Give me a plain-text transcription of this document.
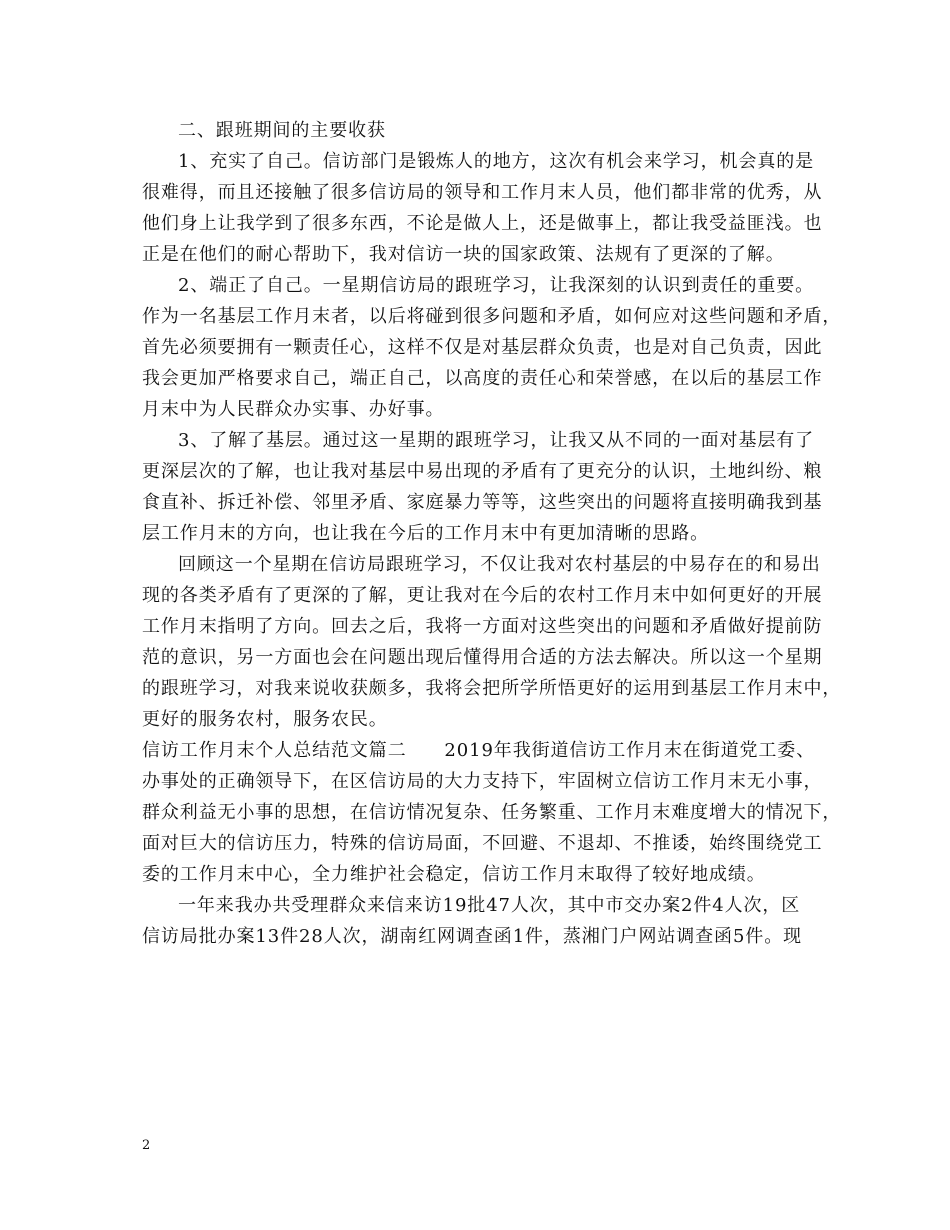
二、跟班期间的主要收获
1、充实了自己。信访部门是锻炼人的地方，这次有机会来学习，机会真的是
很难得，而且还接触了很多信访局的领导和工作月末人员，他们都非常的优秀，从
他们身上让我学到了很多东西，不论是做人上，还是做事上，都让我受益匪浅。也
正是在他们的耐心帮助下，我对信访一块的国家政策、法规有了更深的了解。
2、端正了自己。一星期信访局的跟班学习，让我深刻的认识到责任的重要。
作为一名基层工作月末者，以后将碰到很多问题和矛盾，如何应对这些问题和矛盾，
首先必须要拥有一颗责任心，这样不仅是对基层群众负责，也是对自己负责，因此
我会更加严格要求自己，端正自己，以高度的责任心和荣誉感，在以后的基层工作
月末中为人民群众办实事、办好事。
3、了解了基层。通过这一星期的跟班学习，让我又从不同的一面对基层有了
更深层次的了解，也让我对基层中易出现的矛盾有了更充分的认识，土地纠纷、粮
食直补、拆迁补偿、邻里矛盾、家庭暴力等等，这些突出的问题将直接明确我到基
层工作月末的方向，也让我在今后的工作月末中有更加清晰的思路。
回顾这一个星期在信访局跟班学习，不仅让我对农村基层的中易存在的和易出
现的各类矛盾有了更深的了解，更让我对在今后的农村工作月末中如何更好的开展
工作月末指明了方向。回去之后，我将一方面对这些突出的问题和矛盾做好提前防
范的意识，另一方面也会在问题出现后懂得用合适的方法去解决。所以这一个星期
的跟班学习，对我来说收获颇多，我将会把所学所悟更好的运用到基层工作月末中，
更好的服务农村，服务农民。
信访工作月末个人总结范文篇二　　2019年我街道信访工作月末在街道党工委、
办事处的正确领导下，在区信访局的大力支持下，牢固树立信访工作月末无小事，
群众利益无小事的思想，在信访情况复杂、任务繁重、工作月末难度增大的情况下，
面对巨大的信访压力，特殊的信访局面，不回避、不退却、不推诿，始终围绕党工
委的工作月末中心，全力维护社会稳定，信访工作月末取得了较好地成绩。
一年来我办共受理群众来信来访19批47人次，其中市交办案2件4人次，区
信访局批办案13件28人次，湖南红网调查函1件，蒸湘门户网站调查函5件。现
2
